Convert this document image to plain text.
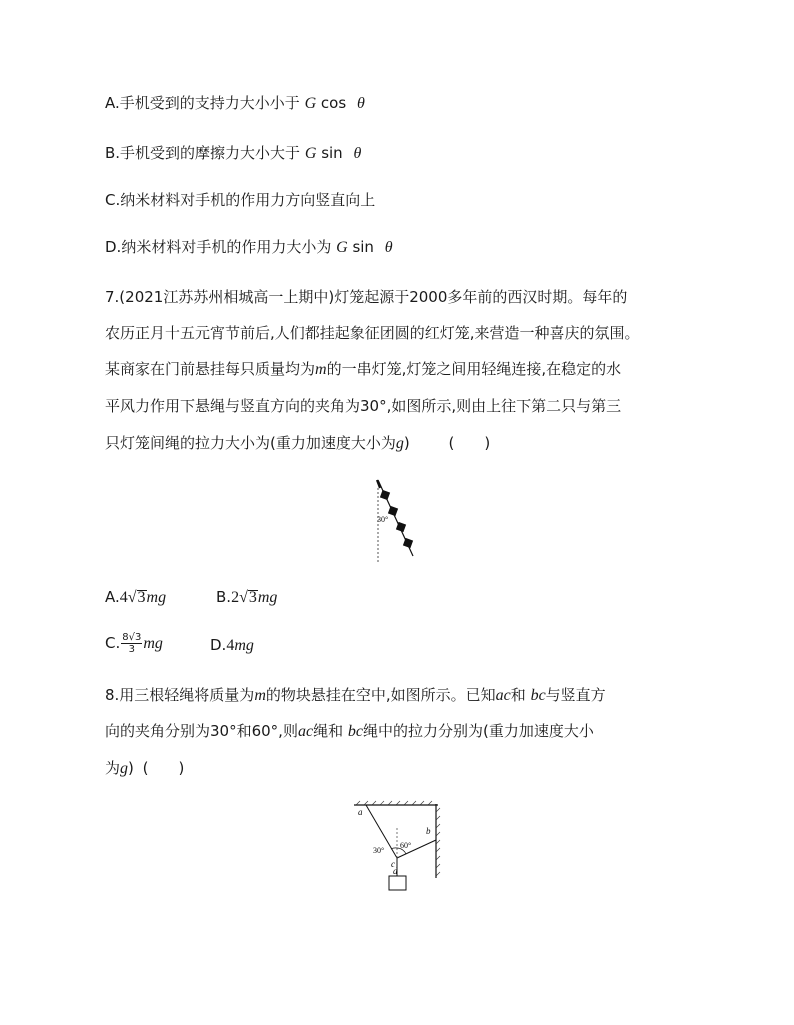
A.手机受到的支持力大小小于 G cos θ
B.手机受到的摩擦力大小大于 G sin θ
C.纳米材料对手机的作用力方向竖直向上
D.纳米材料对手机的作用力大小为 G sin θ
7.(2021江苏苏州相城高一上期中)灯笼起源于2000多年前的西汉时期。每年的
农历正月十五元宵节前后,人们都挂起象征团圆的红灯笼,来营造一种喜庆的氛围。
某商家在门前悬挂每只质量均为m的一串灯笼,灯笼之间用轻绳连接,在稳定的水
平风力作用下悬绳与竖直方向的夹角为30°,如图所示,则由上往下第二只与第三
只灯笼间绳的拉力大小为(重力加速度大小为g)	(　　)
30°
A.4√3mg	B.2√3mg
C. $\frac{8√3}{3}$ mg	D.4mg
8.用三根轻绳将质量为m的物块悬挂在空中,如图所示。已知ac和 bc与竖直方
向的夹角分别为30°和60°,则ac绳和 bc绳中的拉力分别为(重力加速度大小
为g) (　　)
a
b
c
d
30°
60°
